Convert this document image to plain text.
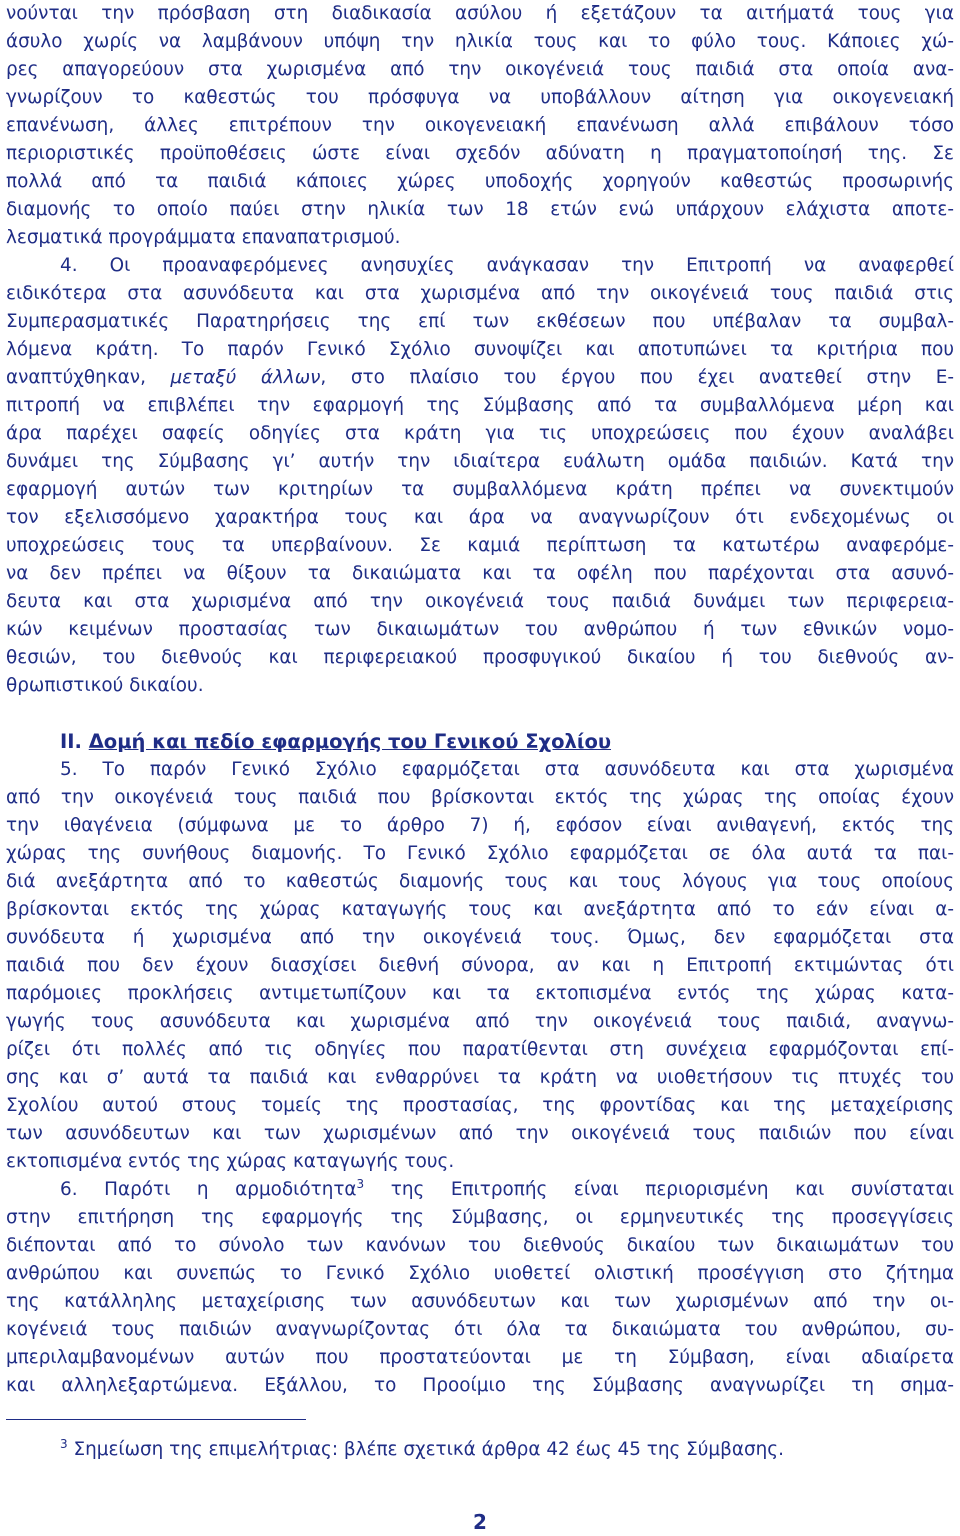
νούνται την πρόσβαση στη διαδικασία ασύλου ή εξετάζουν τα αιτήματά τους για
άσυλο χωρίς να λαμβάνουν υπόψη την ηλικία τους και το φύλο τους. Κάποιες χώ-
ρες απαγορεύουν στα χωρισμένα από την οικογένειά τους παιδιά στα οποία ανα-
γνωρίζουν το καθεστώς του πρόσφυγα να υποβάλλουν αίτηση για οικογενειακή
επανένωση, άλλες επιτρέπουν την οικογενειακή επανένωση αλλά επιβάλουν τόσο
περιοριστικές προϋποθέσεις ώστε είναι σχεδόν αδύνατη η πραγματοποίησή της. Σε
πολλά από τα παιδιά κάποιες χώρες υποδοχής χορηγούν καθεστώς προσωρινής
διαμονής το οποίο παύει στην ηλικία των 18 ετών ενώ υπάρχουν ελάχιστα αποτε-
λεσματικά προγράμματα επαναπατρισμού.
4. Οι προαναφερόμενες ανησυχίες ανάγκασαν την Επιτροπή να αναφερθεί
ειδικότερα στα ασυνόδευτα και στα χωρισμένα από την οικογένειά τους παιδιά στις
Συμπερασματικές Παρατηρήσεις της επί των εκθέσεων που υπέβαλαν τα συμβαλ-
λόμενα κράτη. Το παρόν Γενικό Σχόλιο συνοψίζει και αποτυπώνει τα κριτήρια που
αναπτύχθηκαν, μεταξύ άλλων, στο πλαίσιο του έργου που έχει ανατεθεί στην Ε-
πιτροπή να επιβλέπει την εφαρμογή της Σύμβασης από τα συμβαλλόμενα μέρη και
άρα παρέχει σαφείς οδηγίες στα κράτη για τις υποχρεώσεις που έχουν αναλάβει
δυνάμει της Σύμβασης γι’ αυτήν την ιδιαίτερα ευάλωτη ομάδα παιδιών. Κατά την
εφαρμογή αυτών των κριτηρίων τα συμβαλλόμενα κράτη πρέπει να συνεκτιμούν
τον εξελισσόμενο χαρακτήρα τους και άρα να αναγνωρίζουν ότι ενδεχομένως οι
υποχρεώσεις τους τα υπερβαίνουν. Σε καμιά περίπτωση τα κατωτέρω αναφερόμε-
να δεν πρέπει να θίξουν τα δικαιώματα και τα οφέλη που παρέχονται στα ασυνό-
δευτα και στα χωρισμένα από την οικογένειά τους παιδιά δυνάμει των περιφερεια-
κών κειμένων προστασίας των δικαιωμάτων του ανθρώπου ή των εθνικών νομο-
θεσιών, του διεθνούς και περιφερειακού προσφυγικού δικαίου ή του διεθνούς αν-
θρωπιστικού δικαίου.
II. Δομή και πεδίο εφαρμογής του Γενικού Σχολίου
5. Το παρόν Γενικό Σχόλιο εφαρμόζεται στα ασυνόδευτα και στα χωρισμένα
από την οικογένειά τους παιδιά που βρίσκονται εκτός της χώρας της οποίας έχουν
την ιθαγένεια (σύμφωνα με το άρθρο 7) ή, εφόσον είναι ανιθαγενή, εκτός της
χώρας της συνήθους διαμονής. Το Γενικό Σχόλιο εφαρμόζεται σε όλα αυτά τα παι-
διά ανεξάρτητα από το καθεστώς διαμονής τους και τους λόγους για τους οποίους
βρίσκονται εκτός της χώρας καταγωγής τους και ανεξάρτητα από το εάν είναι α-
συνόδευτα ή χωρισμένα από την οικογένειά τους. Όμως, δεν εφαρμόζεται στα
παιδιά που δεν έχουν διασχίσει διεθνή σύνορα, αν και η Επιτροπή εκτιμώντας ότι
παρόμοιες προκλήσεις αντιμετωπίζουν και τα εκτοπισμένα εντός της χώρας κατα-
γωγής τους ασυνόδευτα και χωρισμένα από την οικογένειά τους παιδιά, αναγνω-
ρίζει ότι πολλές από τις οδηγίες που παρατίθενται στη συνέχεια εφαρμόζονται επί-
σης και σ’ αυτά τα παιδιά και ενθαρρύνει τα κράτη να υιοθετήσουν τις πτυχές του
Σχολίου αυτού στους τομείς της προστασίας, της φροντίδας και της μεταχείρισης
των ασυνόδευτων και των χωρισμένων από την οικογένειά τους παιδιών που είναι
εκτοπισμένα εντός της χώρας καταγωγής τους.
6. Παρότι η αρμοδιότητα$^3$ της Επιτροπής είναι περιορισμένη και συνίσταται
στην επιτήρηση της εφαρμογής της Σύμβασης, οι ερμηνευτικές της προσεγγίσεις
διέπονται από το σύνολο των κανόνων του διεθνούς δικαίου των δικαιωμάτων του
ανθρώπου και συνεπώς το Γενικό Σχόλιο υιοθετεί ολιστική προσέγγιση στο ζήτημα
της κατάλληλης μεταχείρισης των ασυνόδευτων και των χωρισμένων από την οι-
κογένειά τους παιδιών αναγνωρίζοντας ότι όλα τα δικαιώματα του ανθρώπου, συ-
μπεριλαμβανομένων αυτών που προστατεύονται με τη Σύμβαση, είναι αδιαίρετα
και αλληλεξαρτώμενα. Εξάλλου, το Προοίμιο της Σύμβασης αναγνωρίζει τη σημα-
$^3$ Σημείωση της επιμελήτριας: βλέπε σχετικά άρθρα 42 έως 45 της Σύμβασης.
2
